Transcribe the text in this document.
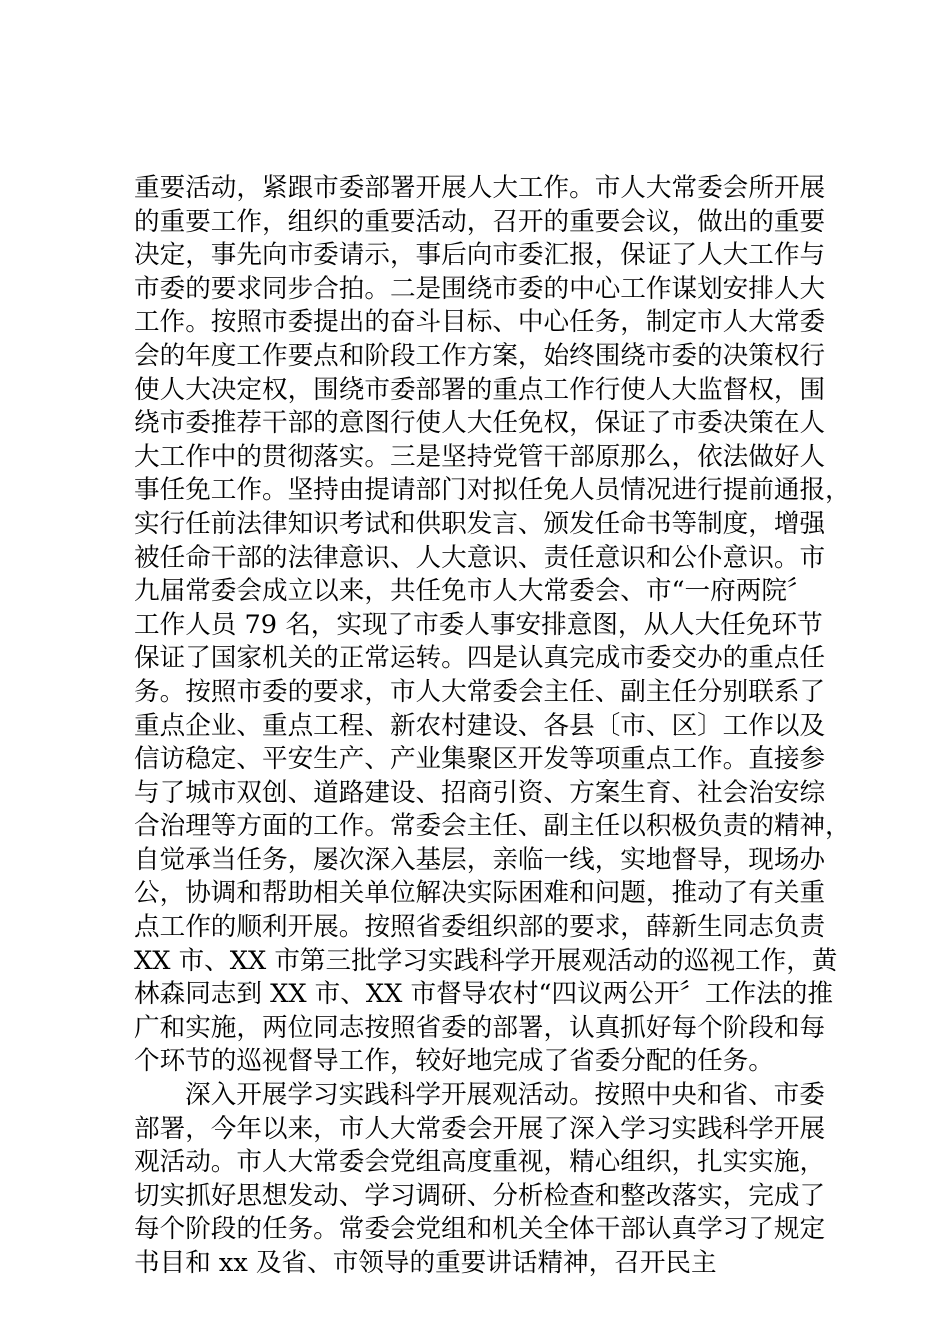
重要活动，紧跟市委部署开展人大工作。市人大常委会所开展
的重要工作，组织的重要活动，召开的重要会议，做出的重要
决定，事先向市委请示，事后向市委汇报，保证了人大工作与
市委的要求同步合拍。二是围绕市委的中心工作谋划安排人大
工作。按照市委提出的奋斗目标、中心任务，制定市人大常委
会的年度工作要点和阶段工作方案，始终围绕市委的决策权行
使人大决定权，围绕市委部署的重点工作行使人大监督权，围
绕市委推荐干部的意图行使人大任免权，保证了市委决策在人
大工作中的贯彻落实。三是坚持党管干部原那么，依法做好人
事任免工作。坚持由提请部门对拟任免人员情况进行提前通报，
实行任前法律知识考试和供职发言、颁发任命书等制度，增强
被任命干部的法律意识、人大意识、责任意识和公仆意识。市
九届常委会成立以来，共任免市人大常委会、市“一府两院〞
工作人员 79 名，实现了市委人事安排意图，从人大任免环节
保证了国家机关的正常运转。四是认真完成市委交办的重点任
务。按照市委的要求，市人大常委会主任、副主任分别联系了
重点企业、重点工程、新农村建设、各县〔市、区〕工作以及
信访稳定、平安生产、产业集聚区开发等项重点工作。直接参
与了城市双创、道路建设、招商引资、方案生育、社会治安综
合治理等方面的工作。常委会主任、副主任以积极负责的精神，
自觉承当任务，屡次深入基层，亲临一线，实地督导，现场办
公，协调和帮助相关单位解决实际困难和问题，推动了有关重
点工作的顺利开展。按照省委组织部的要求，薛新生同志负责
XX 市、XX 市第三批学习实践科学开展观活动的巡视工作，黄
林森同志到 XX 市、XX 市督导农村“四议两公开〞工作法的推
广和实施，两位同志按照省委的部署，认真抓好每个阶段和每
个环节的巡视督导工作，较好地完成了省委分配的任务。
深入开展学习实践科学开展观活动。按照中央和省、市委
部署，今年以来，市人大常委会开展了深入学习实践科学开展
观活动。市人大常委会党组高度重视，精心组织，扎实实施，
切实抓好思想发动、学习调研、分析检查和整改落实，完成了
每个阶段的任务。常委会党组和机关全体干部认真学习了规定
书目和 xx 及省、市领导的重要讲话精神，召开民主
